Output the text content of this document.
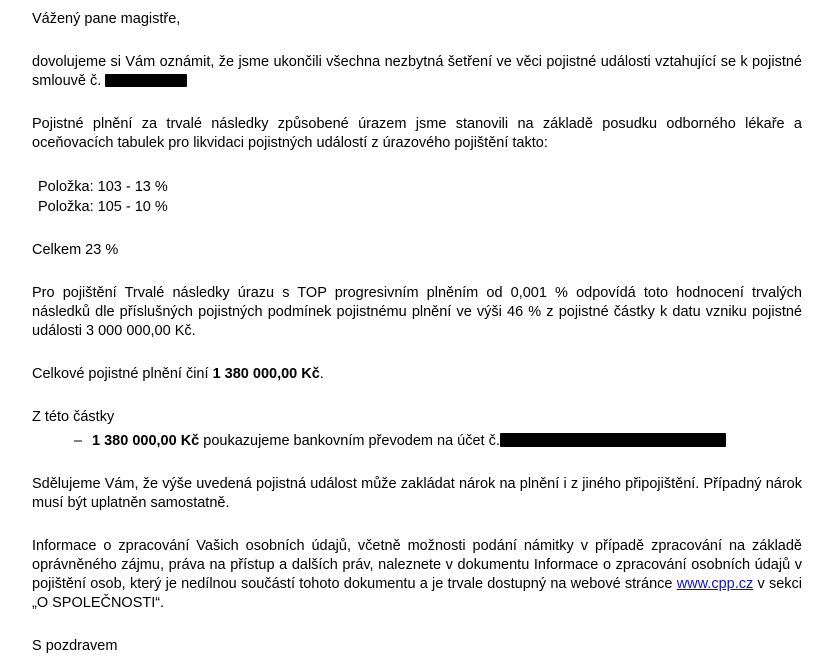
Vážený pane magistře,

dovolujeme si Vám oznámit, že jsme ukončili všechna nezbytná šetření ve věci pojistné události vztahující se k pojistné smlouvě č.

Pojistné plnění za trvalé následky způsobené úrazem jsme stanovili na základě posudku odborného lékaře a oceňovacích tabulek pro likvidaci pojistných událostí z úrazového pojištění takto:

Položka: 103 - 13 %
Položka: 105 - 10 %

Celkem 23 %

Pro pojištění Trvalé následky úrazu s TOP progresivním plněním od 0,001 % odpovídá toto hodnocení trvalých následků dle příslušných pojistných podmínek pojistnému plnění ve výši 46 % z pojistné částky k datu vzniku pojistné události 3 000 000,00 Kč.

Celkové pojistné plnění činí 1 380 000,00 Kč.

Z této částky

– 1 380 000,00 Kč poukazujeme bankovním převodem na účet č.

Sdělujeme Vám, že výše uvedená pojistná událost může zakládat nárok na plnění i z jiného připojištění. Případný nárok musí být uplatněn samostatně.

Informace o zpracování Vašich osobních údajů, včetně možnosti podání námitky v případě zpracování na základě oprávněného zájmu, práva na přístup a dalších práv, naleznete v dokumentu Informace o zpracování osobních údajů v pojištění osob, který je nedílnou součástí tohoto dokumentu a je trvale dostupný na webové stránce www.cpp.cz v sekci „O SPOLEČNOSTI“.

S pozdravem
